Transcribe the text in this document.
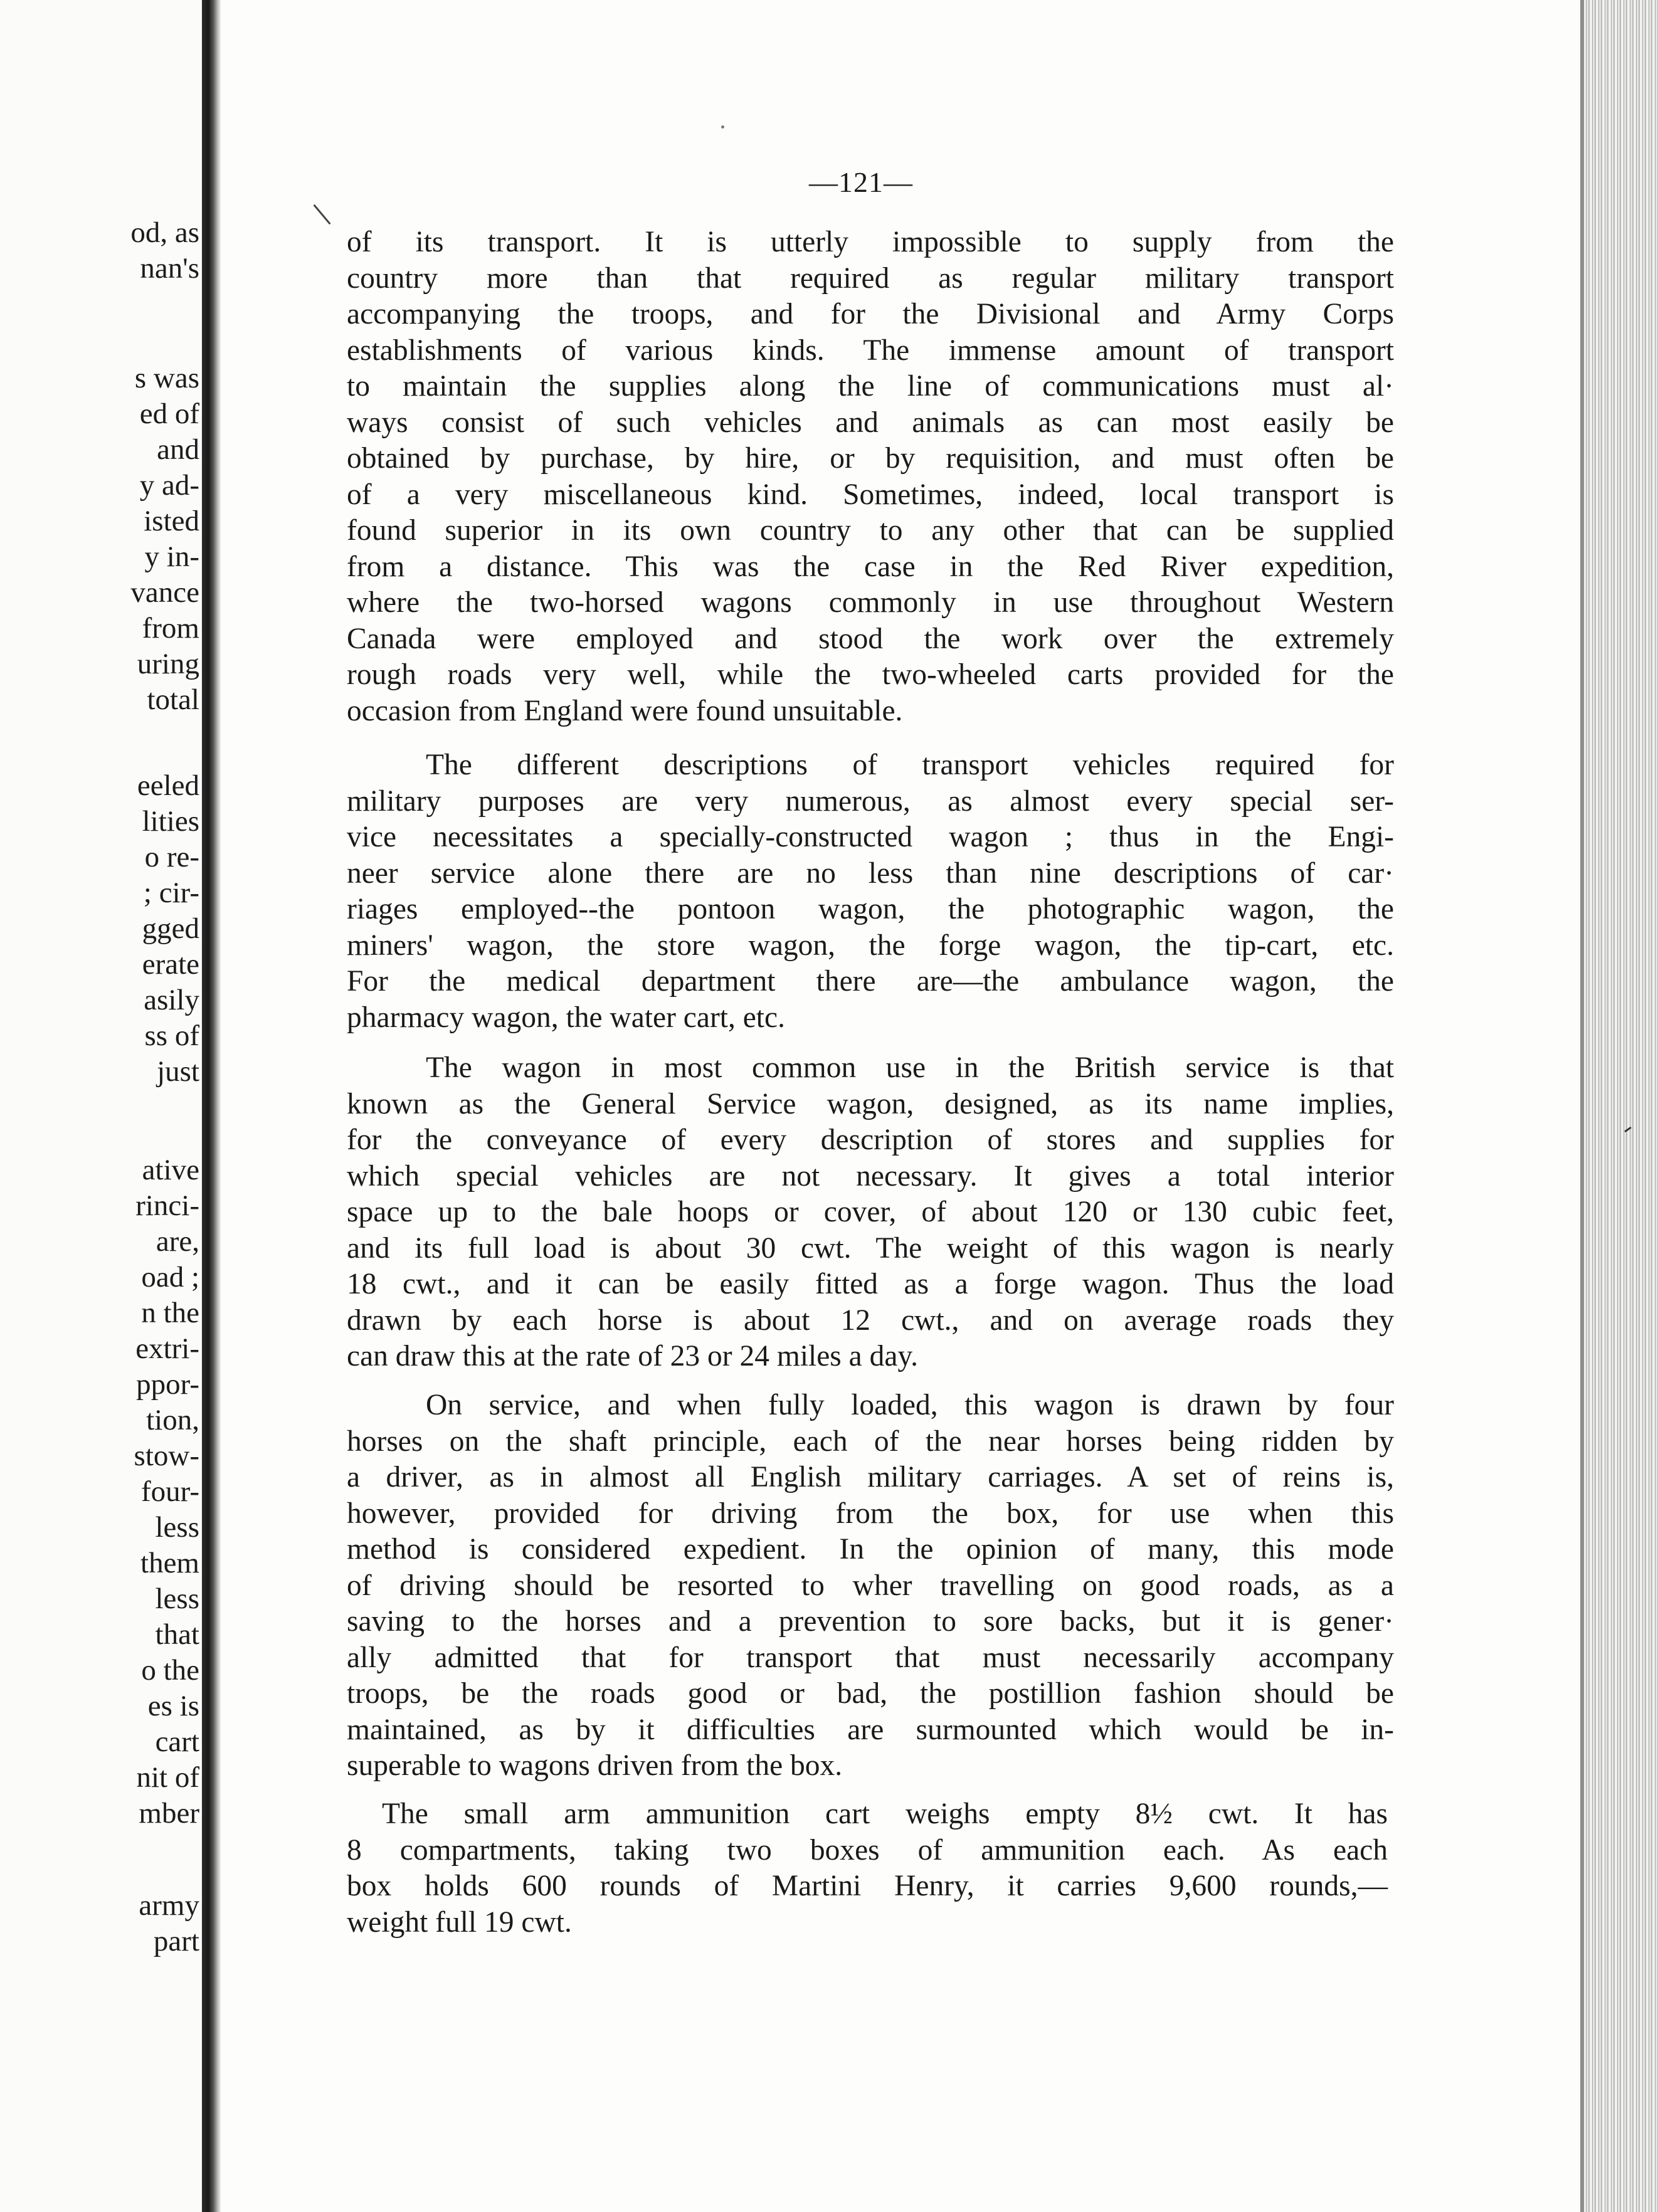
od, as
nan's
s was
ed of
and
y ad-
isted
y in-
vance
from
uring
total
eeled
lities
o re-
; cir-
gged
erate
asily
ss of
just
ative
rinci-
are,
oad ;
n the
extri-
ppor-
tion,
stow-
four-
less
them
less
that
o the
es is
cart
nit of
mber
army
part
—121—
of its transport. It is utterly impossible to supply from the
country more than that required as regular military transport
accompanying the troops, and for the Divisional and Army Corps
establishments of various kinds. The immense amount of transport
to maintain the supplies along the line of communications must al·
ways consist of such vehicles and animals as can most easily be
obtained by purchase, by hire, or by requisition, and must often be
of a very miscellaneous kind. Sometimes, indeed, local transport is
found superior in its own country to any other that can be supplied
from a distance. This was the case in the Red River expedition,
where the two-horsed wagons commonly in use throughout Western
Canada were employed and stood the work over the extremely
rough roads very well, while the two-wheeled carts provided for the
occasion from England were found unsuitable.
The different descriptions of transport vehicles required for
military purposes are very numerous, as almost every special ser-
vice necessitates a specially-constructed wagon ; thus in the Engi-
neer service alone there are no less than nine descriptions of car·
riages employed--the pontoon wagon, the photographic wagon, the
miners' wagon, the store wagon, the forge wagon, the tip-cart, etc.
For the medical department there are—the ambulance wagon, the
pharmacy wagon, the water cart, etc.
The wagon in most common use in the British service is that
known as the General Service wagon, designed, as its name implies,
for the conveyance of every description of stores and supplies for
which special vehicles are not necessary. It gives a total interior
space up to the bale hoops or cover, of about 120 or 130 cubic feet,
and its full load is about 30 cwt. The weight of this wagon is nearly
18 cwt., and it can be easily fitted as a forge wagon. Thus the load
drawn by each horse is about 12 cwt., and on average roads they
can draw this at the rate of 23 or 24 miles a day.
On service, and when fully loaded, this wagon is drawn by four
horses on the shaft principle, each of the near horses being ridden by
a driver, as in almost all English military carriages. A set of reins is,
however, provided for driving from the box, for use when this
method is considered expedient. In the opinion of many, this mode
of driving should be resorted to wher travelling on good roads, as a
saving to the horses and a prevention to sore backs, but it is gener·
ally admitted that for transport that must necessarily accompany
troops, be the roads good or bad, the postillion fashion should be
maintained, as by it difficulties are surmounted which would be in-
superable to wagons driven from the box.
The small arm ammunition cart weighs empty 8½ cwt. It has
8 compartments, taking two boxes of ammunition each. As each
box holds 600 rounds of Martini Henry, it carries 9,600 rounds,—
weight full 19 cwt.
